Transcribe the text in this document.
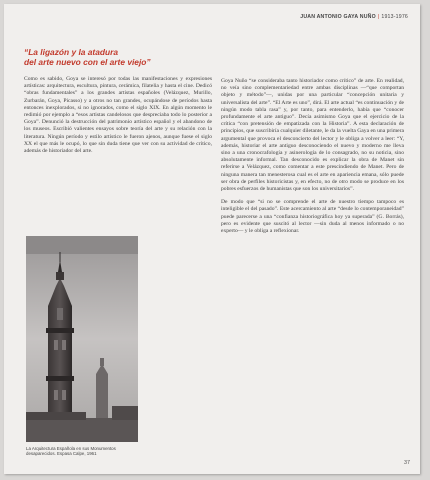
JUAN ANTONIO GAYA NUÑO | 1913-1976
“La ligazón y la atadura
del arte nuevo con el arte viejo”

Como es sabido, Goya se interesó por todas las manifestaciones y expresiones artísticas: arquitectura, escultura, pintura, cerámica, filatelia y hasta el cine. Dedicó “obras fundamentales” a los grandes artistas españoles (Velázquez, Murillo, Zurbarán, Goya, Picasso) y a otros no tan grandes, ocupándose de períodos hasta entonces inexplorados, si no ignorados, como el siglo XIX. En algún momento le redimió por ejemplo a “esos artistas candelosos que despreciaba todo lo posterior a Goya”. Denunció la destrucción del patrimonio artístico español y el abandono de los museos. Escribió valientes ensayos sobre teoría del arte y su relación con la literatura. Ningún período y estilo artístico le fueron ajenos, aunque fuese el siglo XX el que más le ocupó, lo que sin duda tiene que ver con su actividad de crítico, además de historiador del arte.

La Arquitectura Española en sus Monumentos desaparecidos. Espasa Calpe, 1961

Goya Nuño “se consideraba tanto historiador como crítico” de arte. En realidad, no veía sino complementariedad entre ambas disciplinas —“que comportan objeto y método”—, unidas por una particular “concepción unitaria y universalista del arte”. “El Arte es uno”, dirá. El arte actual “es continuación y de ningún modo tabla rasa” y, por tanto, para entenderlo, había que “conocer profundamente el arte antiguo”. Decía asimismo Goya que el ejercicio de la crítica “con pretensión de empatizada con la Historia”. A esta declaración de principios, que suscribiría cualquier diletante, le da la vuelta Gaya en una primera argumental que provoca el desconcierto del lector y le obliga a volver a leer: “Y, además, historiar el arte antiguo desconociendo el nuevo y moderno me lleva sino a una cronocrafología y asinerología de lo consagrado, no su noticia, sino absolutamente informal. Tan desconocido es explicar la obra de Manet sin referirse a Velázquez, como comentar a este prescindiendo de Manet. Pero de ninguna manera tan menesterosa cual es el arte en apariencia emana, sólo puede ser obra de perfiles historicistas y, en efecto, no de otro modo se produce en los pobres esfuerzos de humanistas que son los universitarios”.

De modo que “si no se comprende el arte de nuestro tiempo tampoco es inteligible el del pasado”. Este acercamiento al arte “desde lo contemporaneidad” puede parecerse a una “confianza historiográfica hoy ya superada” (G. Borrás), pero es evidente que suscitó al lector —sin duda al menos informado o no experto— y le obliga a reflexionar.

37
